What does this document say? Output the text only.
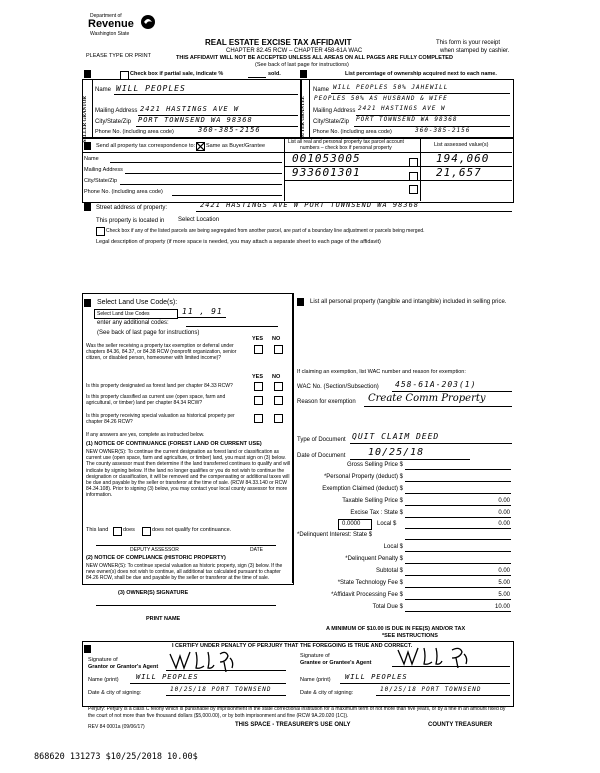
Department of
Revenue
Washington State
PLEASE TYPE OR PRINT
REAL ESTATE EXCISE TAX AFFIDAVIT
CHAPTER 82.45 RCW – CHAPTER 458-61A WAC
THIS AFFIDAVIT WILL NOT BE ACCEPTED UNLESS ALL AREAS ON ALL PAGES ARE FULLY COMPLETED
(See back of last page for instructions)
This form is your receipt
when stamped by cashier.
Check box if partial sale, indicate %	sold.	List percentage of ownership acquired next to each name.
SELLER GRANTOR
Name WILL PEOPLES
Mailing Address 2421 HASTINGS AVE W
City/State/Zip PORT TOWNSEND WA 98368
Phone No. (including area code)	360-385-2156	BUYER GRANTEE
Name WILL PEOPLES 50% JAHEWILL
PEOPLES 50% AS HUSBAND & WIFE
Mailing Address 2421 HASTINGS AVE W
City/State/Zip PORT TOWNSEND WA 98368
Phone No. (including area code)	360-385-2156
Send all property tax correspondence to: Same as Buyer/Grantee
Name
Mailing Address
City/State/Zip
Phone No. (including area code)
List all real and personal property tax parcel account
numbers – check box if personal property	List assessed value(s)
001053005	194,060
933601301	21,657
Street address of property:	2421 HASTINGS AVE W PORT TOWNSEND WA 98368
This property is located in Select Location
Check box if any of the listed parcels are being segregated from another parcel, are part of a boundary line adjustment or parcels being merged.
Legal description of property (if more space is needed, you may attach a separate sheet to each page of the affidavit)
Select Land Use Code(s):
Select Land Use Codes	11 , 91
enter any additional codes:
(See back of last page for instructions)
YES NO
Was the seller receiving a property tax exemption or deferral under chapters 84.36, 84.37, or 84.38 RCW (nonprofit organization, senior citizen, or disabled person, homeowner with limited income)?
YES NO
Is this property designated as forest land per chapter 84.33 RCW?
Is this property classified as current use (open space, farm and agricultural, or timber) land per chapter 84.34 RCW?
Is this property receiving special valuation as historical property per chapter 84.26 RCW?
If any answers are yes, complete as instructed below.
(1) NOTICE OF CONTINUANCE (FOREST LAND OR CURRENT USE)
NEW OWNER(S): To continue the current designation as forest land or classification as current use (open space, farm and agriculture, or timber) land, you must sign on (3) below. The county assessor must then determine if the land transferred continues to qualify and will indicate by signing below. If the land no longer qualifies or you do not wish to continue the designation or classification, it will be removed and the compensating or additional taxes will be due and payable by the seller or transferor at the time of sale. (RCW 84.33.140 or RCW 84.34.108). Prior to signing (3) below, you may contact your local county assessor for more information.
This land	does	does not qualify for continuance.
DEPUTY ASSESSOR	DATE
(2) NOTICE OF COMPLIANCE (HISTORIC PROPERTY)
NEW OWNER(S): To continue special valuation as historic property, sign (3) below. If the new owner(s) does not wish to continue, all additional tax calculated pursuant to chapter 84.26 RCW, shall be due and payable by the seller or transferor at the time of sale.
(3) OWNER(S) SIGNATURE
PRINT NAME
List all personal property (tangible and intangible) included in selling price.
If claiming an exemption, list WAC number and reason for exemption:
WAC No. (Section/Subsection) 458-61A-203(1)
Reason for exemption Create Comm Property
Type of Document QUIT CLAIM DEED
Date of Document 10/25/18
Gross Selling Price $
*Personal Property (deduct) $
Exemption Claimed (deduct) $
Taxable Selling Price $	0.00
Excise Tax : State $	0.00
0.0000	Local $	0.00
*Delinquent Interest: State $
Local $
*Delinquent Penalty $
Subtotal $	0.00
*State Technology Fee $	5.00
*Affidavit Processing Fee $	5.00
Total Due $	10.00
A MINIMUM OF $10.00 IS DUE IN FEE(S) AND/OR TAX
*SEE INSTRUCTIONS
I CERTIFY UNDER PENALTY OF PERJURY THAT THE FOREGOING IS TRUE AND CORRECT.
Signature of
Grantor or Grantor's Agent
Name (print) WILL PEOPLES
Date & city of signing:	10/25/18 PORT TOWNSEND
Signature of
Grantee or Grantee's Agent
Name (print) WILL PEOPLES
Date & city of signing:	10/25/18 PORT TOWNSEND
Perjury: Perjury is a class C felony which is punishable by imprisonment in the state correctional institution for a maximum term of not more than five years, or by a fine in an amount fixed by the court of not more than five thousand dollars ($5,000.00), or by both imprisonment and fine (RCW 9A.20.020 (1C)).
REV 84 0001a (09/06/17)	THIS SPACE - TREASURER'S USE ONLY	COUNTY TREASURER
868620 131273 $10/25/2018 10.00$
